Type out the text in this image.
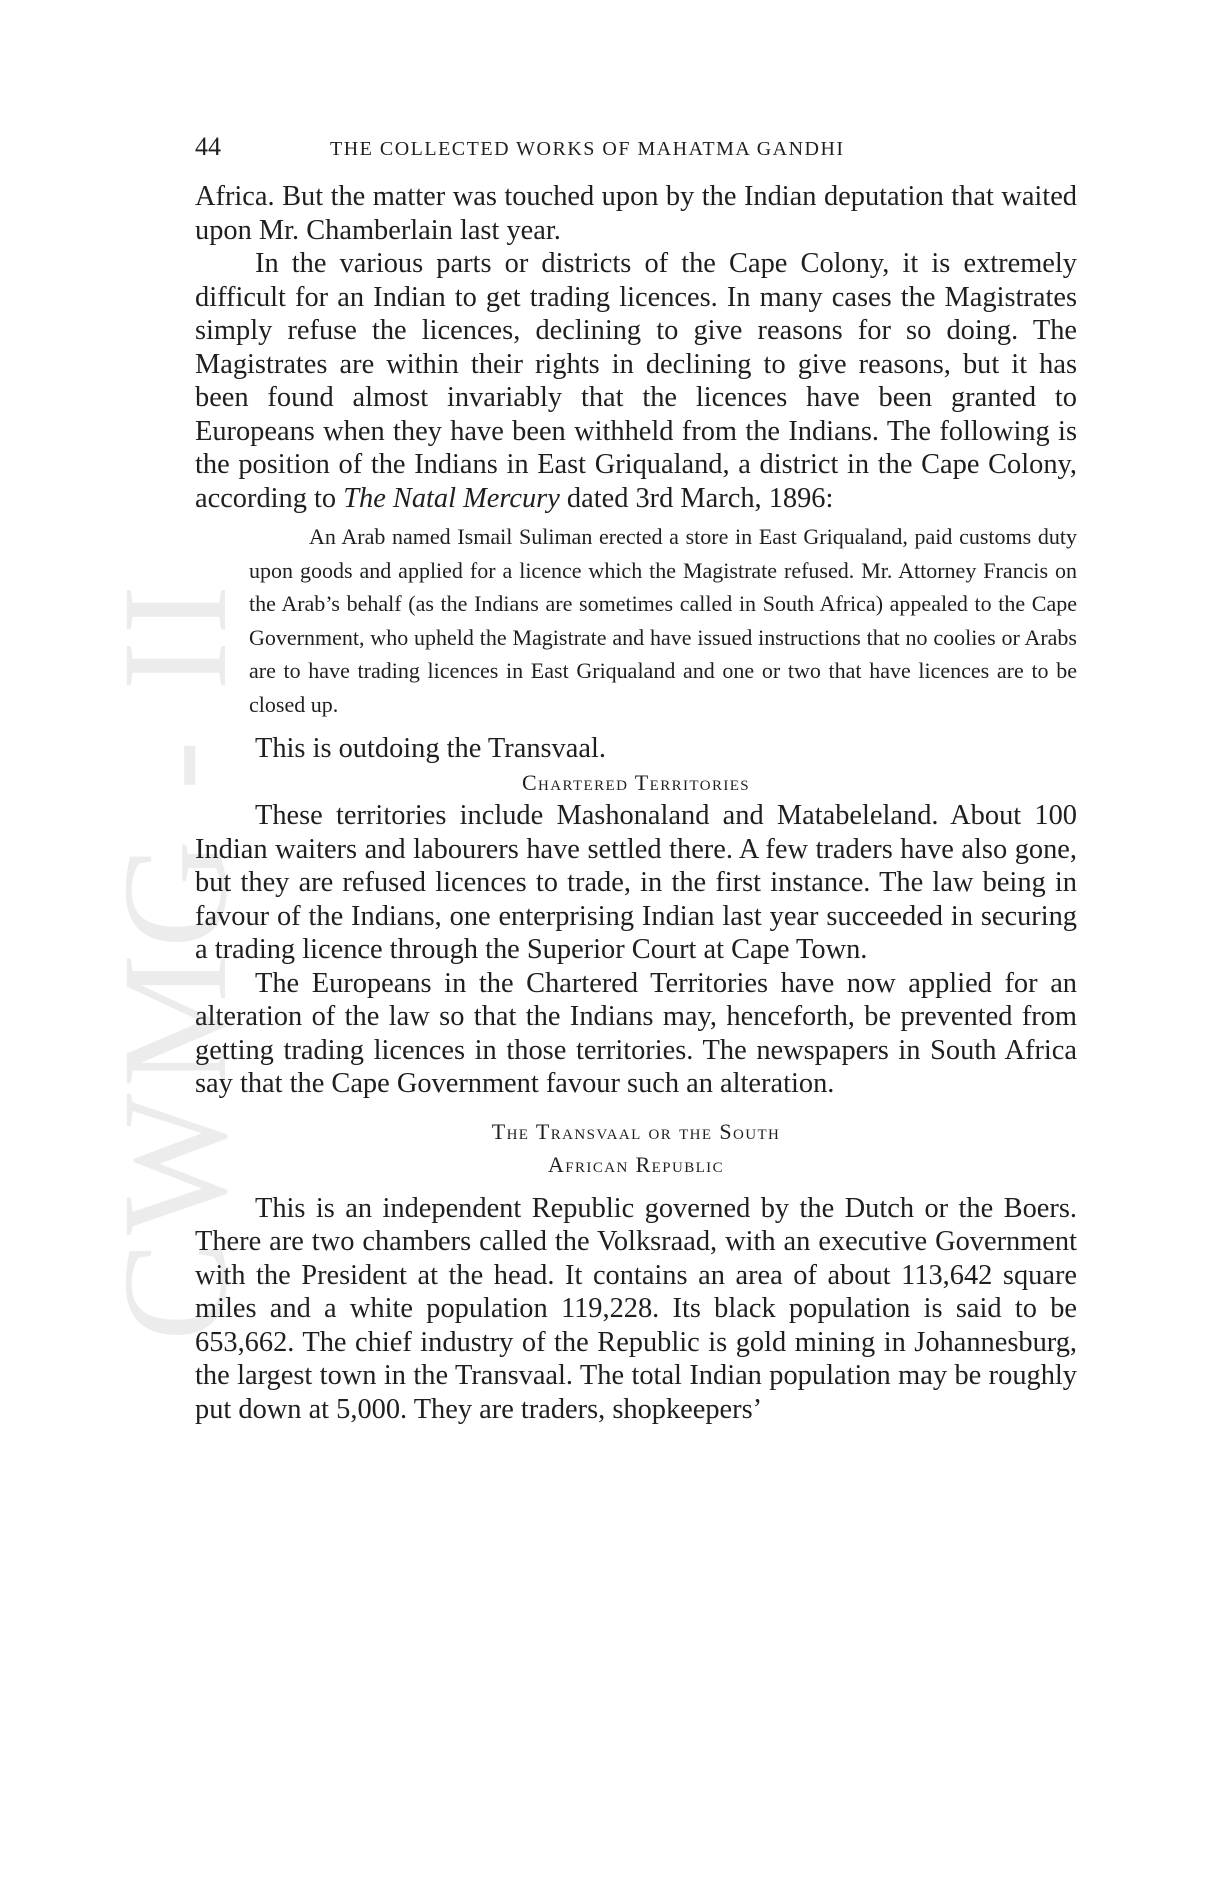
CWMG - II
44	THE COLLECTED WORKS OF MAHATMA GANDHI

Africa. But the matter was touched upon by the Indian deputation that waited upon Mr. Chamberlain last year.

In the various parts or districts of the Cape Colony, it is extremely difficult for an Indian to get trading licences. In many cases the Magistrates simply refuse the licences, declining to give reasons for so doing. The Magistrates are within their rights in declining to give reasons, but it has been found almost invariably that the licences have been granted to Europeans when they have been withheld from the Indians. The following is the position of the Indians in East Griqualand, a district in the Cape Colony, according to The Natal Mercury dated 3rd March, 1896:

An Arab named Ismail Suliman erected a store in East Griqualand, paid customs duty upon goods and applied for a licence which the Magistrate refused. Mr. Attorney Francis on the Arab’s behalf (as the Indians are sometimes called in South Africa) appealed to the Cape Government, who upheld the Magistrate and have issued instructions that no coolies or Arabs are to have trading licences in East Griqualand and one or two that have licences are to be closed up.

This is outdoing the Transvaal.

Chartered Territories

These territories include Mashonaland and Matabeleland. About 100 Indian waiters and labourers have settled there. A few traders have also gone, but they are refused licences to trade, in the first instance. The law being in favour of the Indians, one enterprising Indian last year succeeded in securing a trading licence through the Superior Court at Cape Town.

The Europeans in the Chartered Territories have now applied for an alteration of the law so that the Indians may, henceforth, be prevented from getting trading licences in those territories. The newspapers in South Africa say that the Cape Government favour such an alteration.

The Transvaal or the South

African Republic

This is an independent Republic governed by the Dutch or the Boers. There are two chambers called the Volksraad, with an executive Government with the President at the head. It contains an area of about 113,642 square miles and a white population 119,228. Its black population is said to be 653,662. The chief industry of the Republic is gold mining in Johannesburg, the largest town in the Transvaal. The total Indian population may be roughly put down at 5,000. They are traders, shopkeepers’
